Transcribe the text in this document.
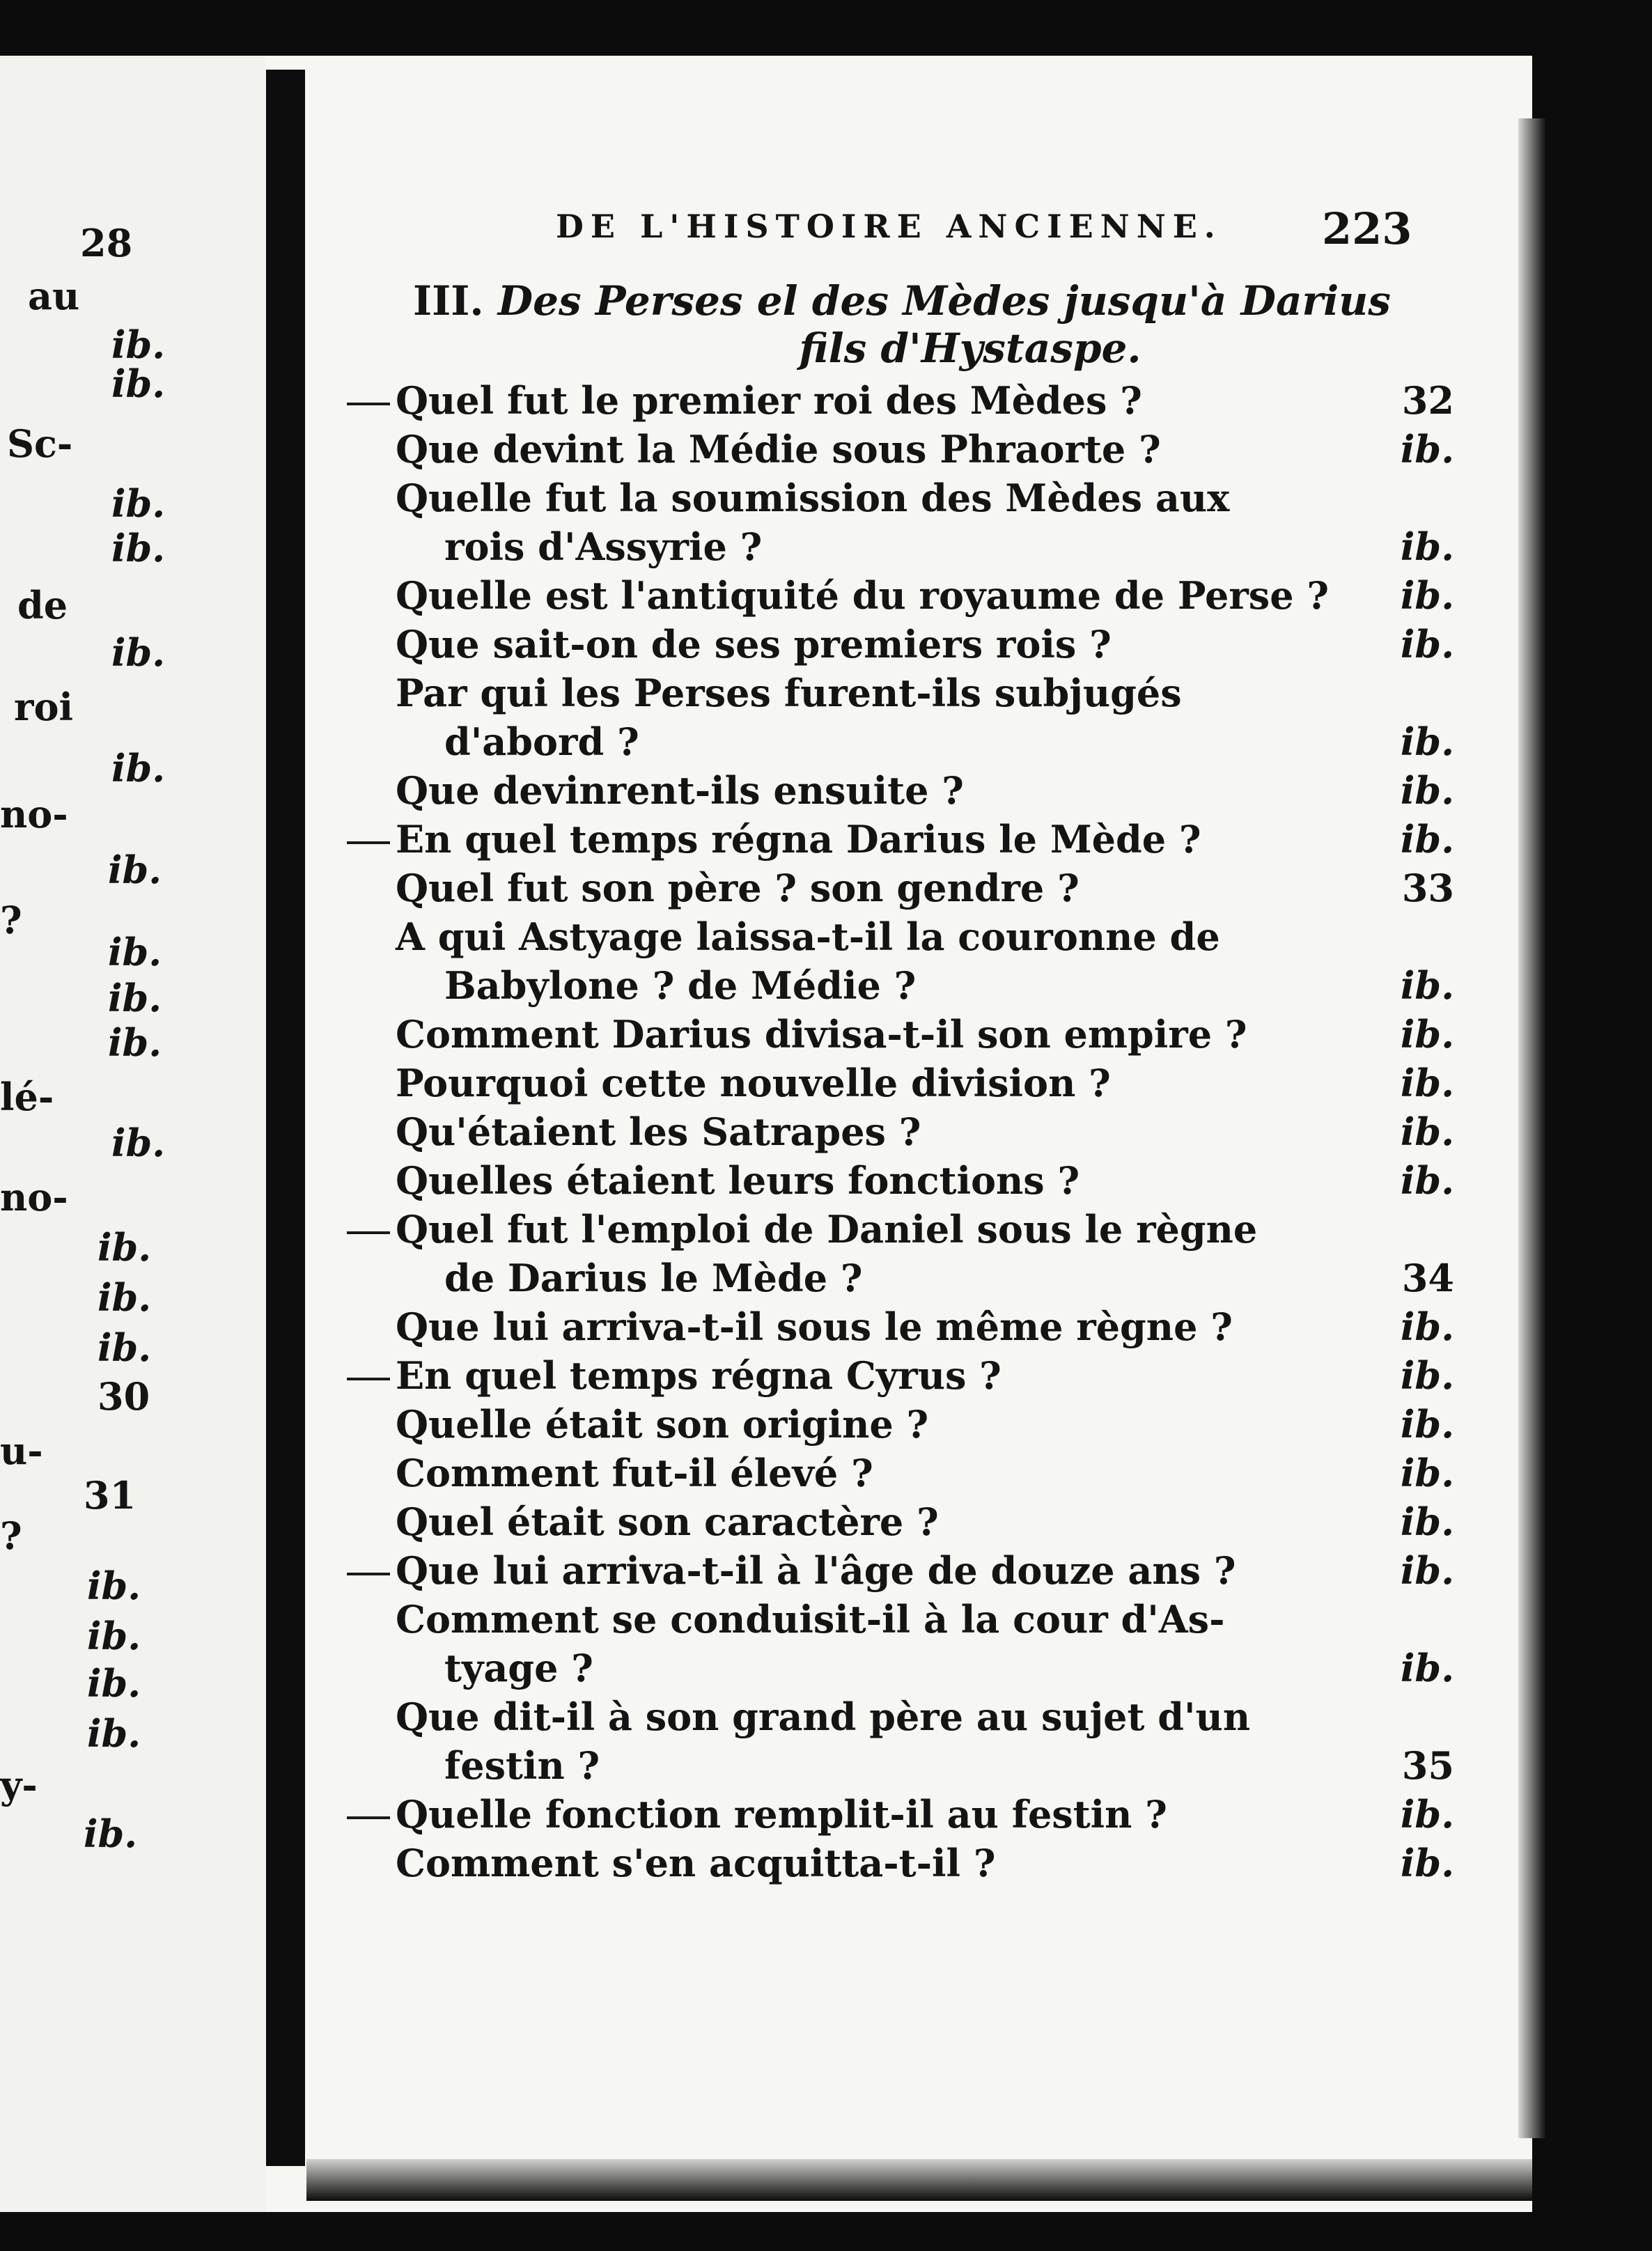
28
au
ib.
ib.
Sc-
ib.
ib.
de
ib.
roi
ib.
no-
ib.
?
ib.
ib.
ib.
lé-
ib.
no-
ib.
ib.
ib.
30
u-
31
?
ib.
ib.
ib.
ib.
y-
ib.
DE L'HISTOIRE ANCIENNE. 223
III. Des Perses el des Mèdes jusqu'à Darius
fils d'Hystaspe.
Quel fut le premier roi des Mèdes ?	32
Que devint la Médie sous Phraorte ?	ib.
Quelle fut la soumission des Mèdes aux
rois d'Assyrie ?	ib.
Quelle est l'antiquité du royaume de Perse ?	ib.
Que sait-on de ses premiers rois ?	ib.
Par qui les Perses furent-ils subjugés
d'abord ?	ib.
Que devinrent-ils ensuite ?	ib.
En quel temps régna Darius le Mède ?	ib.
Quel fut son père ? son gendre ?	33
A qui Astyage laissa-t-il la couronne de
Babylone ? de Médie ?	ib.
Comment Darius divisa-t-il son empire ?	ib.
Pourquoi cette nouvelle division ?	ib.
Qu'étaient les Satrapes ?	ib.
Quelles étaient leurs fonctions ?	ib.
Quel fut l'emploi de Daniel sous le règne
de Darius le Mède ?	34
Que lui arriva-t-il sous le même règne ?	ib.
En quel temps régna Cyrus ?	ib.
Quelle était son origine ?	ib.
Comment fut-il élevé ?	ib.
Quel était son caractère ?	ib.
Que lui arriva-t-il à l'âge de douze ans ?	ib.
Comment se conduisit-il à la cour d'As-
tyage ?	ib.
Que dit-il à son grand père au sujet d'un
festin ?	35
Quelle fonction remplit-il au festin ?	ib.
Comment s'en acquitta-t-il ?	ib.
